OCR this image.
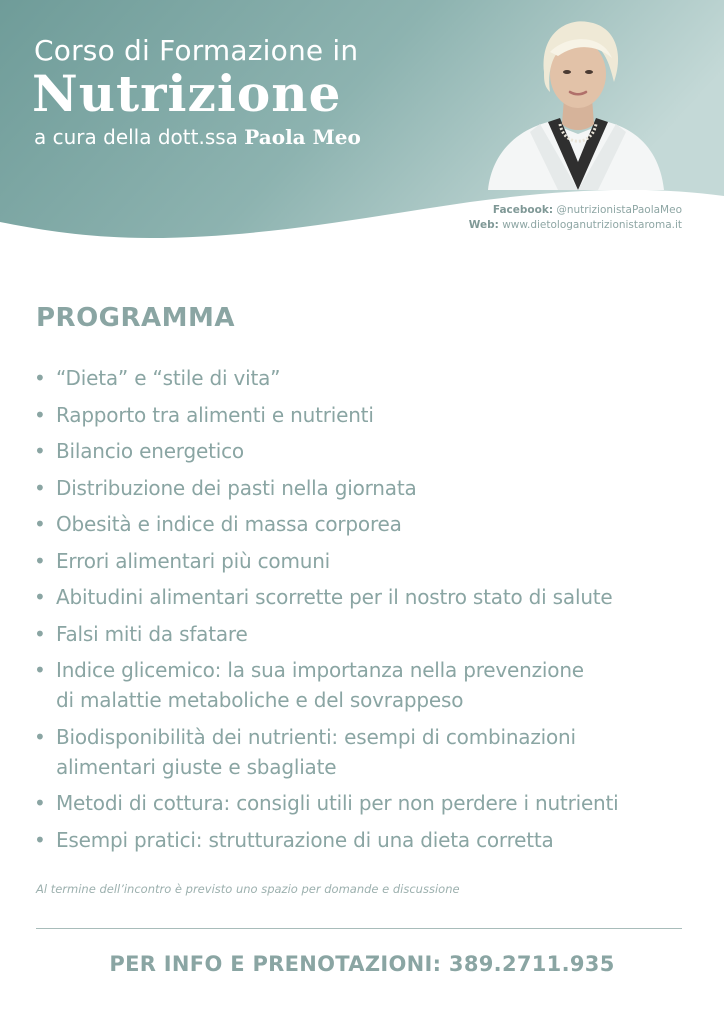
Corso di Formazione in
Nutrizione
a cura della dott.ssa Paola Meo
Facebook: @nutrizionistaPaolaMeo
Web: www.dietologanutrizionistaroma.it
PROGRAMMA
• “Dieta” e “stile di vita”
• Rapporto tra alimenti e nutrienti
• Bilancio energetico
• Distribuzione dei pasti nella giornata
• Obesità e indice di massa corporea
• Errori alimentari più comuni
• Abitudini alimentari scorrette per il nostro stato di salute
• Falsi miti da sfatare
• Indice glicemico: la sua importanza nella prevenzione
di malattie metaboliche e del sovrappeso
• Biodisponibilità dei nutrienti: esempi di combinazioni
alimentari giuste e sbagliate
• Metodi di cottura: consigli utili per non perdere i nutrienti
• Esempi pratici: strutturazione di una dieta corretta
Al termine dell’incontro è previsto uno spazio per domande e discussione
PER INFO E PRENOTAZIONI: 389.2711.935
